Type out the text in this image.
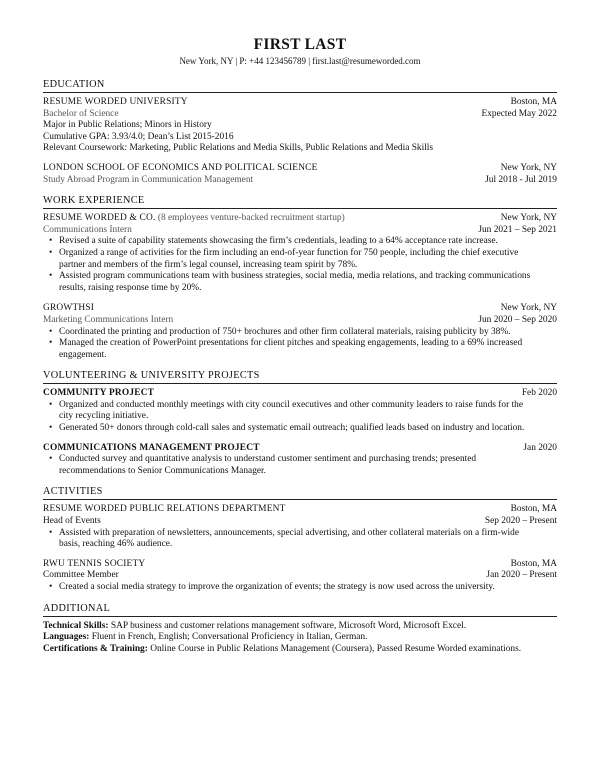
FIRST LAST
New York, NY | P: +44 123456789 | first.last@resumeworded.com
EDUCATION
RESUME WORDED UNIVERSITY	Boston, MA
Bachelor of Science	Expected May 2022
Major in Public Relations; Minors in History
Cumulative GPA: 3.93/4.0; Dean’s List 2015-2016
Relevant Coursework: Marketing, Public Relations and Media Skills, Public Relations and Media Skills
LONDON SCHOOL OF ECONOMICS AND POLITICAL SCIENCE	New York, NY
Study Abroad Program in Communication Management	Jul 2018 - Jul 2019
WORK EXPERIENCE
RESUME WORDED & CO. (8 employees venture-backed recruitment startup)	New York, NY
Communications Intern	Jun 2021 – Sep 2021
• Revised a suite of capability statements showcasing the firm’s credentials, leading to a 64% acceptance rate increase.
• Organized a range of activities for the firm including an end-of-year function for 750 people, including the chief executive
partner and members of the firm’s legal counsel, increasing team spirit by 78%.
• Assisted program communications team with business strategies, social media, media relations, and tracking communications
results, raising response time by 20%.
GROWTHSI	New York, NY
Marketing Communications Intern	Jun 2020 – Sep 2020
• Coordinated the printing and production of 750+ brochures and other firm collateral materials, raising publicity by 38%.
• Managed the creation of PowerPoint presentations for client pitches and speaking engagements, leading to a 69% increased
engagement.
VOLUNTEERING & UNIVERSITY PROJECTS
COMMUNITY PROJECT	Feb 2020
• Organized and conducted monthly meetings with city council executives and other community leaders to raise funds for the
city recycling initiative.
• Generated 50+ donors through cold-call sales and systematic email outreach; qualified leads based on industry and location.
COMMUNICATIONS MANAGEMENT PROJECT	Jan 2020
• Conducted survey and quantitative analysis to understand customer sentiment and purchasing trends; presented
recommendations to Senior Communications Manager.
ACTIVITIES
RESUME WORDED PUBLIC RELATIONS DEPARTMENT	Boston, MA
Head of Events	Sep 2020 – Present
• Assisted with preparation of newsletters, announcements, special advertising, and other collateral materials on a firm-wide
basis, reaching 46% audience.
RWU TENNIS SOCIETY	Boston, MA
Committee Member	Jan 2020 – Present
• Created a social media strategy to improve the organization of events; the strategy is now used across the university.
ADDITIONAL
Technical Skills: SAP business and customer relations management software, Microsoft Word, Microsoft Excel.
Languages: Fluent in French, English; Conversational Proficiency in Italian, German.
Certifications & Training: Online Course in Public Relations Management (Coursera), Passed Resume Worded examinations.
